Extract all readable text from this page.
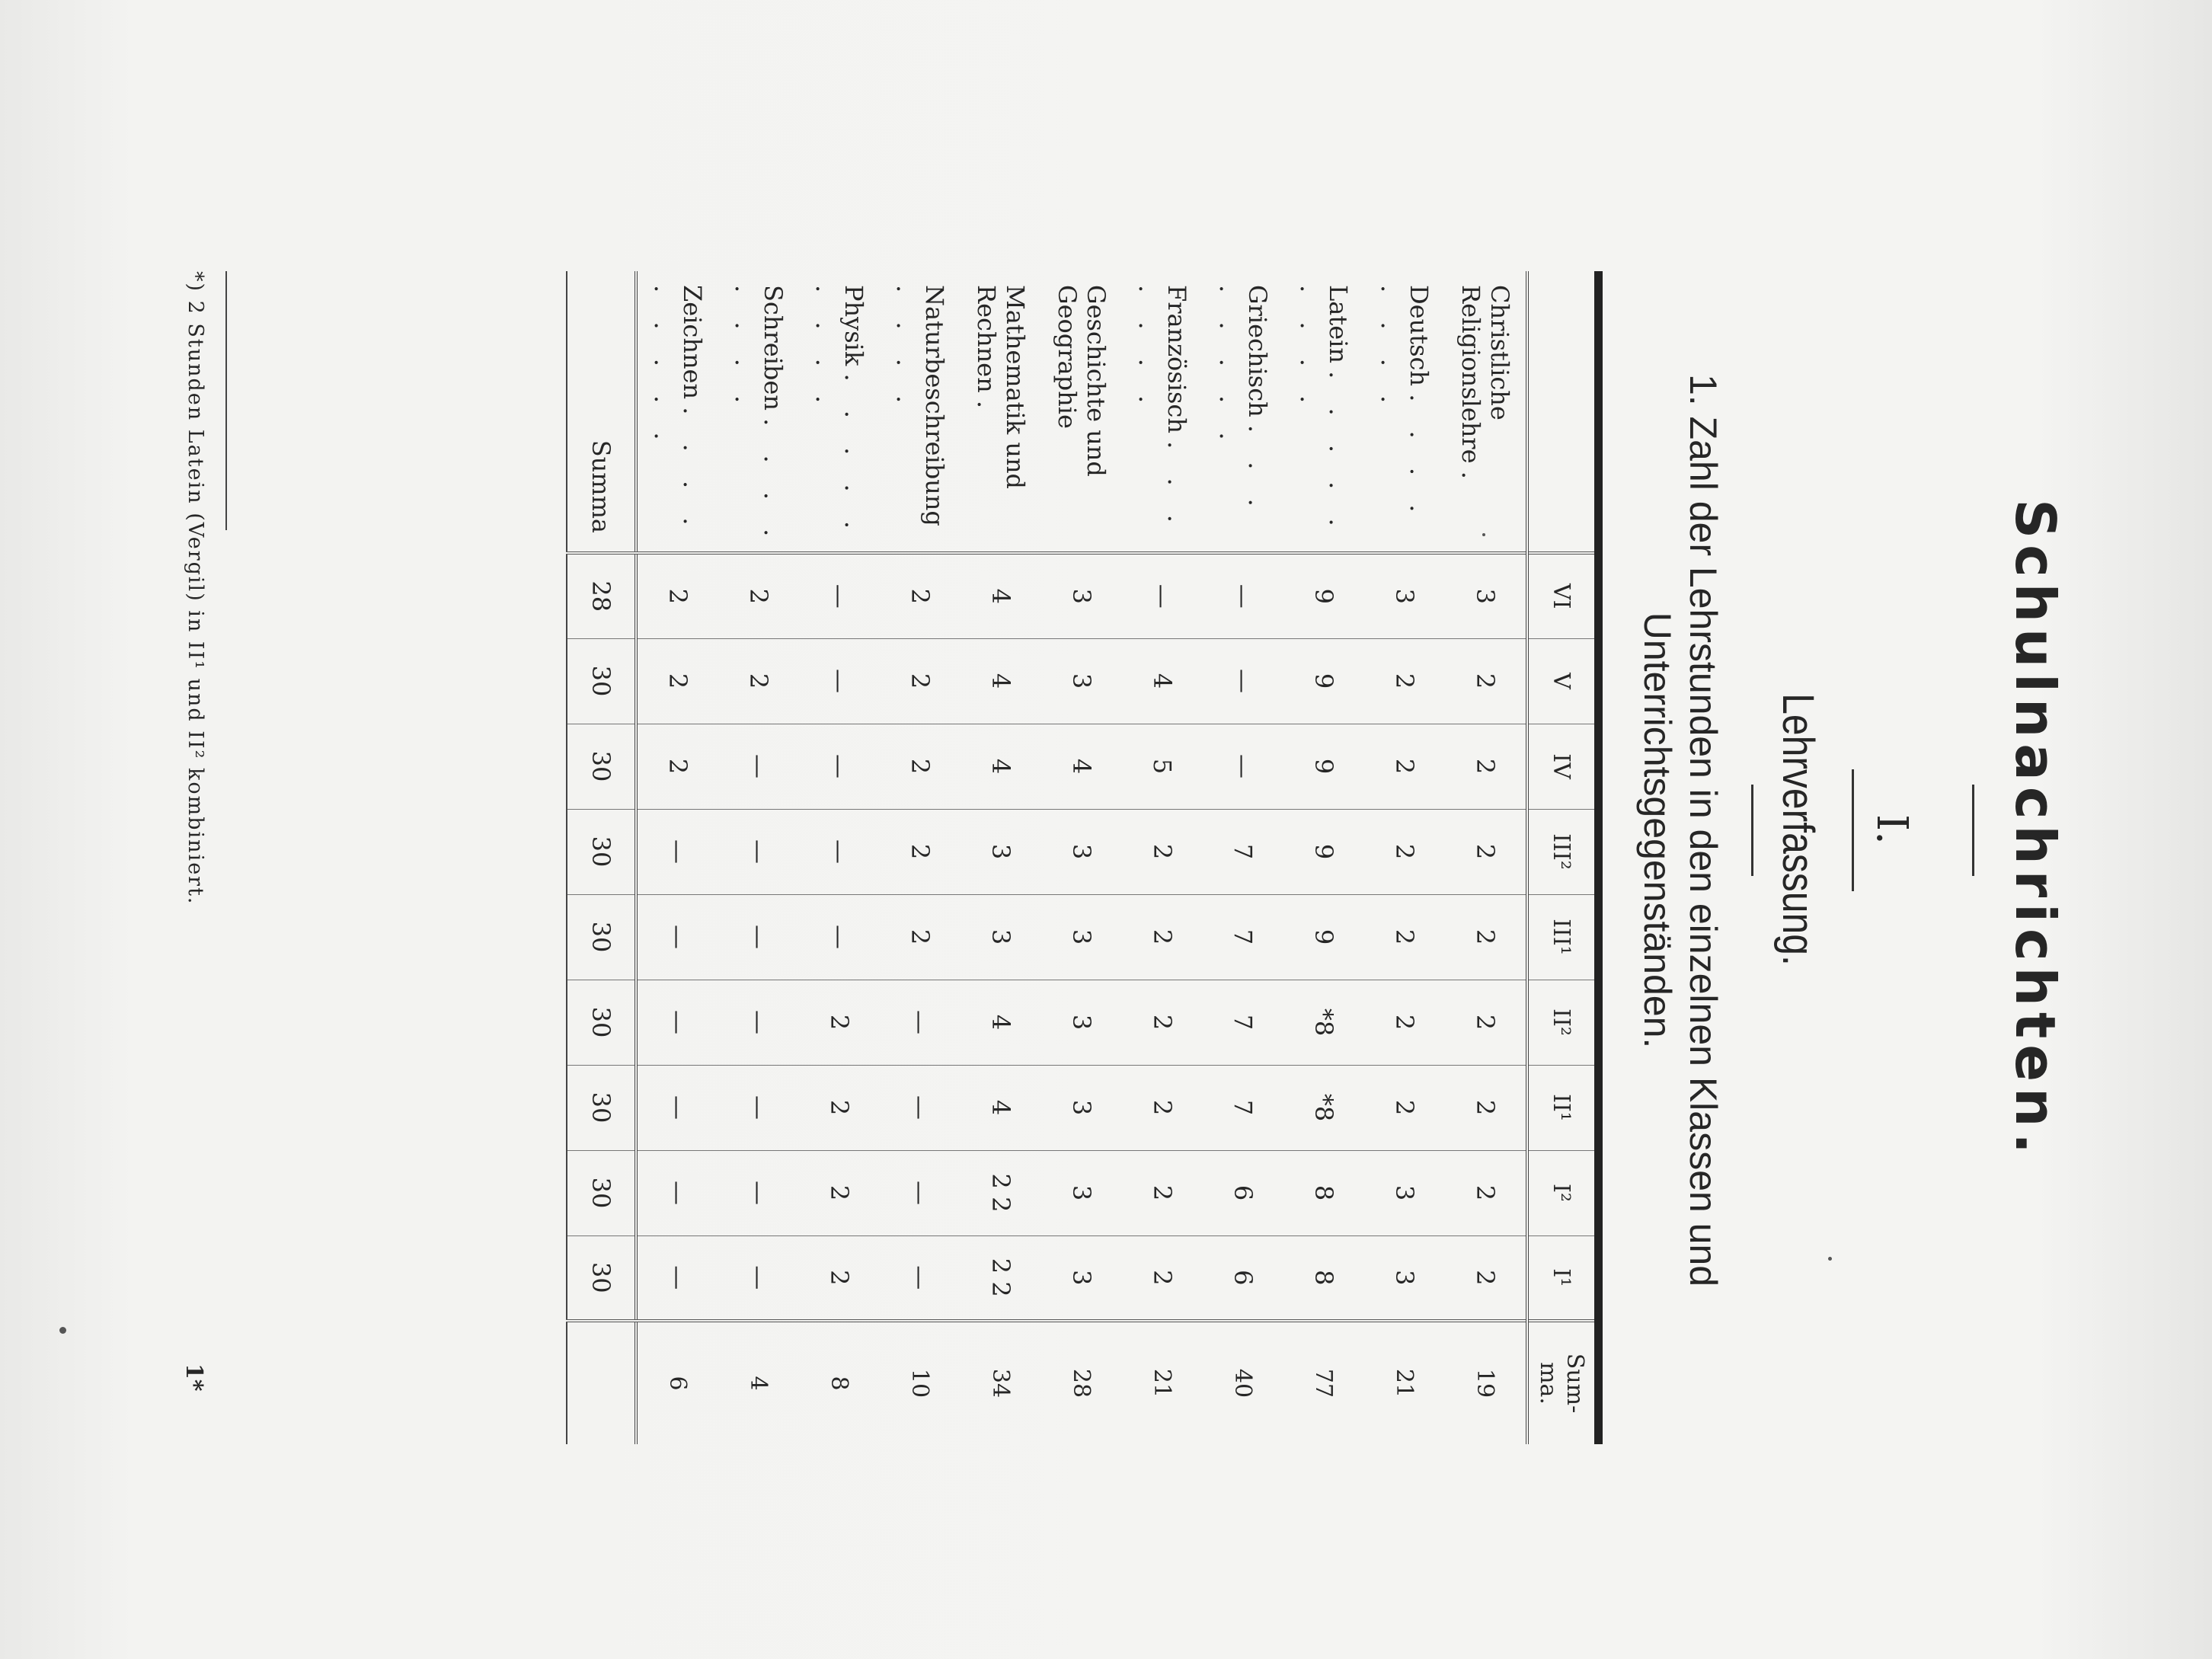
Schulnachrichten.
I.
Lehrverfassung.
1. Zahl der Lehrstunden in den einzelnen Klassen und
Unterrichtsgegenständen.
	VI	V	IV	III²	III¹	II²	II¹	I²	I¹	Sum-
ma.
Christliche Religionslehre .	3	2	2	2	2	2	2	2	2	19
Deutsch . . . . . . . .	3	2	2	2	2	2	2	3	3	21
Latein . . . . . . . . .	9	9	9	9	9	*8	*8	8	8	77
Griechisch . . . . . . . .	—	—	—	7	7	7	7	6	6	40
Französisch . . . . . . .	—	4	5	2	2	2	2	2	2	21
Geschichte und Geographie	3	3	4	3	3	3	3	3	3	28
Mathematik und Rechnen .	4	4	4	3	3	4	4	2 2	2 2	34
Naturbeschreibung . . . .	2	2	2	2	2	—	—	—	—	10
Physik . . . . . . . . .	—	—	—	—	—	2	2	2	2	8
Schreiben . . . . . . . .	2	2	—	—	—	—	—	—	—	4
Zeichnen . . . . . . . . .	2	2	2	—	—	—	—	—	—	6
Summa	28	30	30	30	30	30	30	30	30	
*) 2 Stunden Latein (Vergil) in II¹ und II² kombiniert.
1*
